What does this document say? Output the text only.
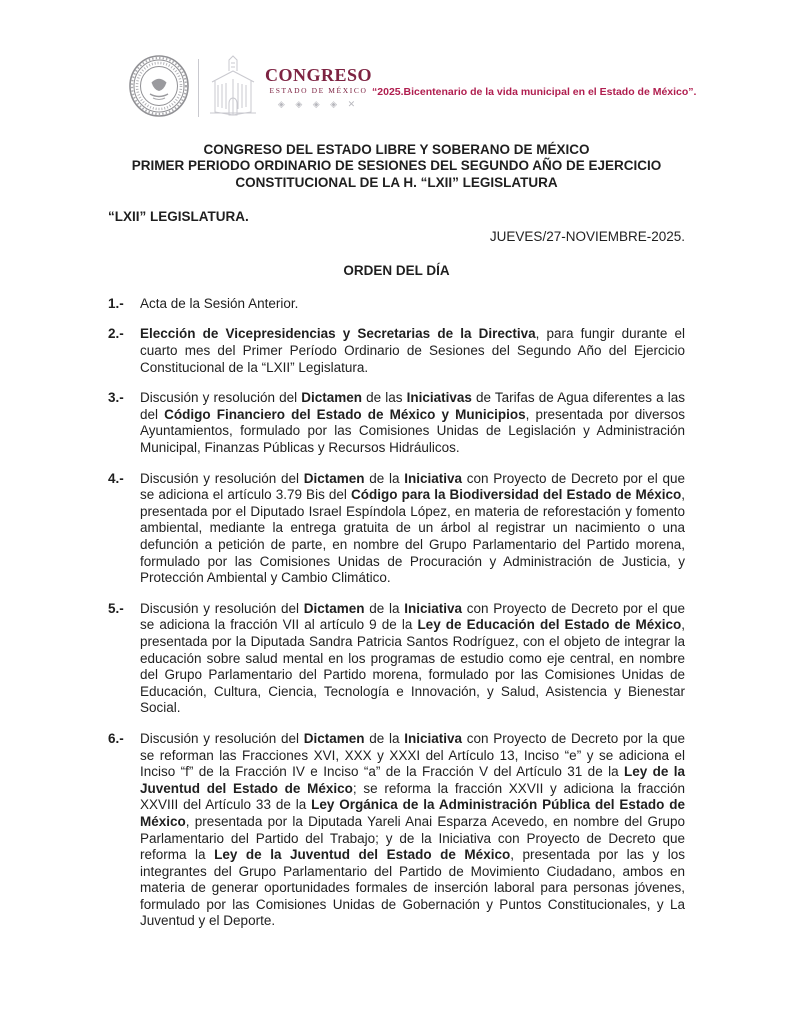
CONGRESO
ESTADO DE MÉXICO
◈ ◈ ◈ ◈ ✕
“2025.Bicentenario de la vida municipal en el Estado de México”.
CONGRESO DEL ESTADO LIBRE Y SOBERANO DE MÉXICO
PRIMER PERIODO ORDINARIO DE SESIONES DEL SEGUNDO AÑO DE EJERCICIO
CONSTITUCIONAL DE LA H. “LXII” LEGISLATURA
“LXII” LEGISLATURA.
JUEVES/27-NOVIEMBRE-2025.
ORDEN DEL DÍA
1.-	Acta de la Sesión Anterior.

2.-	Elección de Vicepresidencias y Secretarias de la Directiva, para fungir durante el cuarto mes del Primer Período Ordinario de Sesiones del Segundo Año del Ejercicio Constitucional de la “LXII” Legislatura.

3.-	Discusión y resolución del Dictamen de las Iniciativas de Tarifas de Agua diferentes a las del Código Financiero del Estado de México y Municipios, presentada por diversos Ayuntamientos, formulado por las Comisiones Unidas de Legislación y Administración Municipal, Finanzas Públicas y Recursos Hidráulicos.

4.-	Discusión y resolución del Dictamen de la Iniciativa con Proyecto de Decreto por el que se adiciona el artículo 3.79 Bis del Código para la Biodiversidad del Estado de México, presentada por el Diputado Israel Espíndola López, en materia de reforestación y fomento ambiental, mediante la entrega gratuita de un árbol al registrar un nacimiento o una defunción a petición de parte, en nombre del Grupo Parlamentario del Partido morena, formulado por las Comisiones Unidas de Procuración y Administración de Justicia, y Protección Ambiental y Cambio Climático.

5.-	Discusión y resolución del Dictamen de la Iniciativa con Proyecto de Decreto por el que se adiciona la fracción VII al artículo 9 de la Ley de Educación del Estado de México, presentada por la Diputada Sandra Patricia Santos Rodríguez, con el objeto de integrar la educación sobre salud mental en los programas de estudio como eje central, en nombre del Grupo Parlamentario del Partido morena, formulado por las Comisiones Unidas de Educación, Cultura, Ciencia, Tecnología e Innovación, y Salud, Asistencia y Bienestar Social.

6.-	Discusión y resolución del Dictamen de la Iniciativa con Proyecto de Decreto por la que se reforman las Fracciones XVI, XXX y XXXI del Artículo 13, Inciso “e” y se adiciona el Inciso “f” de la Fracción IV e Inciso “a” de la Fracción V del Artículo 31 de la Ley de la Juventud del Estado de México; se reforma la fracción XXVII y adiciona la fracción XXVIII del Artículo 33 de la Ley Orgánica de la Administración Pública del Estado de México, presentada por la Diputada Yareli Anai Esparza Acevedo, en nombre del Grupo Parlamentario del Partido del Trabajo; y de la Iniciativa con Proyecto de Decreto que reforma la Ley de la Juventud del Estado de México, presentada por las y los integrantes del Grupo Parlamentario del Partido de Movimiento Ciudadano, ambos en materia de generar oportunidades formales de inserción laboral para personas jóvenes, formulado por las Comisiones Unidas de Gobernación y Puntos Constitucionales, y La Juventud y el Deporte.
